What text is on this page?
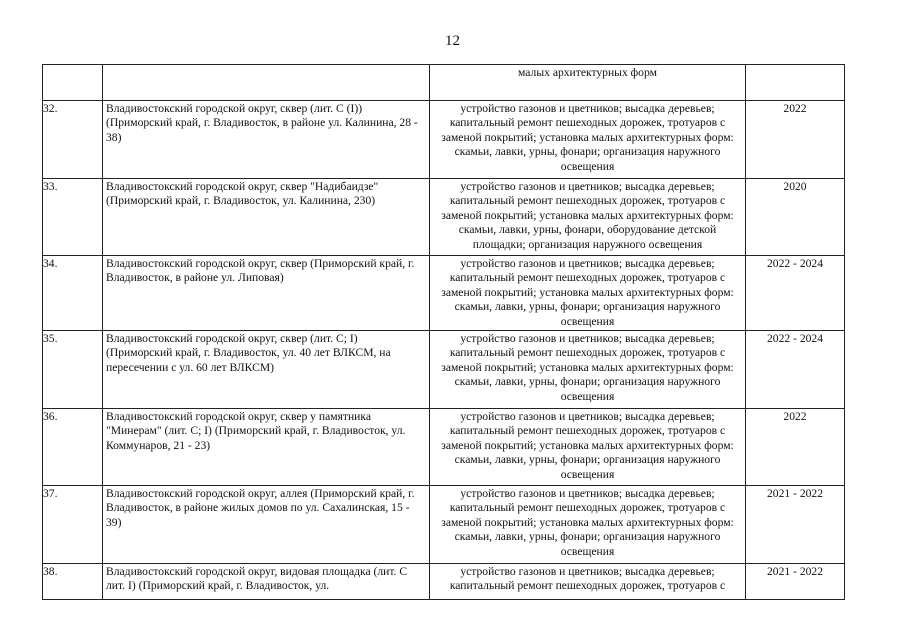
12
		малых архитектурных форм	
32.	Владивостокский городской округ, сквер (лит. С (I)) (Приморский край, г. Владивосток, в районе ул. Калинина, 28 - 38)	устройство газонов и цветников; высадка деревьев; капитальный ремонт пешеходных дорожек, тротуаров с заменой покрытий; установка малых архитектурных форм: скамьи, лавки, урны, фонари; организация наружного освещения	2022
33.	Владивостокский городской округ, сквер "Надибаидзе" (Приморский край, г. Владивосток, ул. Калинина, 230)	устройство газонов и цветников; высадка деревьев; капитальный ремонт пешеходных дорожек, тротуаров с заменой покрытий; установка малых архитектурных форм: скамьи, лавки, урны, фонари, оборудование детской площадки; организация наружного освещения	2020
34.	Владивостокский городской округ, сквер (Приморский край, г. Владивосток, в районе ул. Липовая)	устройство газонов и цветников; высадка деревьев; капитальный ремонт пешеходных дорожек, тротуаров с заменой покрытий; установка малых архитектурных форм: скамьи, лавки, урны, фонари; организация наружного освещения	2022 - 2024
35.	Владивостокский городской округ, сквер (лит. С; I) (Приморский край, г. Владивосток, ул. 40 лет ВЛКСМ, на пересечении с ул. 60 лет ВЛКСМ)	устройство газонов и цветников; высадка деревьев; капитальный ремонт пешеходных дорожек, тротуаров с заменой покрытий; установка малых архитектурных форм: скамьи, лавки, урны, фонари; организация наружного освещения	2022 - 2024
36.	Владивостокский городской округ, сквер у памятника "Минерам" (лит. С; I) (Приморский край, г. Владивосток, ул. Коммунаров, 21 - 23)	устройство газонов и цветников; высадка деревьев; капитальный ремонт пешеходных дорожек, тротуаров с заменой покрытий; установка малых архитектурных форм: скамьи, лавки, урны, фонари; организация наружного освещения	2022
37.	Владивостокский городской округ, аллея (Приморский край, г. Владивосток, в районе жилых домов по ул. Сахалинская, 15 - 39)	устройство газонов и цветников; высадка деревьев; капитальный ремонт пешеходных дорожек, тротуаров с заменой покрытий; установка малых архитектурных форм: скамьи, лавки, урны, фонари; организация наружного освещения	2021 - 2022
38.	Владивостокский городской округ, видовая площадка (лит. С лит. I) (Приморский край, г. Владивосток, ул.	устройство газонов и цветников; высадка деревьев; капитальный ремонт пешеходных дорожек, тротуаров с	2021 - 2022
